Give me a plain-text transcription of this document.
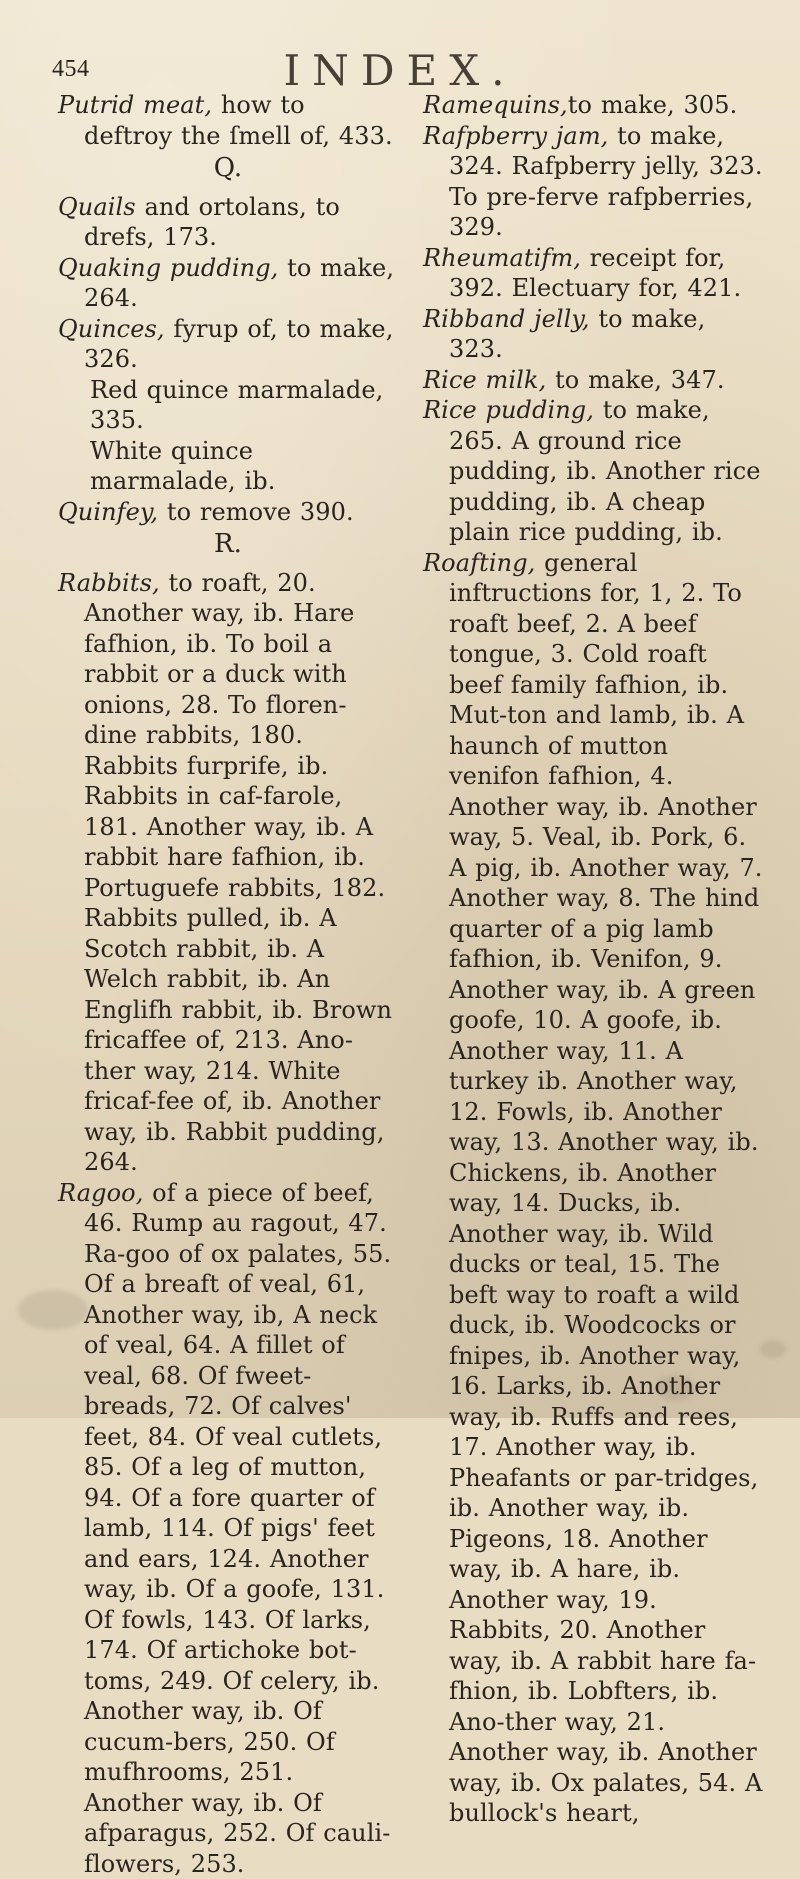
454	INDEX.

Putrid meat, how to deftroy the ſmell of, 433.

Q.

Quails and ortolans, to drefs, 173.

Quaking pudding, to make, 264.

Quinces, fyrup of, to make, 326.

Red quince marmalade, 335.

White quince marmalade, ib.

Quinfey, to remove 390.

R.

Rabbits, to roaft, 20. Another way, ib. Hare fafhion, ib. To boil a rabbit or a duck with onions, 28. To floren-dine rabbits, 180. Rabbits furprife, ib. Rabbits in caf-farole, 181. Another way, ib. A rabbit hare fafhion, ib. Portuguefe rabbits, 182. Rabbits pulled, ib. A Scotch rabbit, ib. A Welch rabbit, ib. An Englifh rabbit, ib. Brown fricaffee of, 213. Ano-ther way, 214. White fricaf-fee of, ib. Another way, ib. Rabbit pudding, 264.

Ragoo, of a piece of beef, 46. Rump au ragout, 47. Ra-goo of ox palates, 55. Of a breaft of veal, 61, Another way, ib, A neck of veal, 64. A fillet of veal, 68. Of fweet-breads, 72. Of calves' feet, 84. Of veal cutlets, 85. Of a leg of mutton, 94. Of a fore quarter of lamb, 114. Of pigs' feet and ears, 124. Another way, ib. Of a goofe, 131. Of fowls, 143. Of larks, 174. Of artichoke bot-toms, 249. Of celery, ib. Another way, ib. Of cucum-bers, 250. Of mufhrooms, 251. Another way, ib. Of afparagus, 252. Of cauli-flowers, 253.

Ramequins,to make, 305.

Rafpberry jam, to make, 324. Rafpberry jelly, 323. To pre-ferve rafpberries, 329.

Rheumatifm, receipt for, 392. Electuary for, 421.

Ribband jelly, to make, 323.

Rice milk, to make, 347.

Rice pudding, to make, 265. A ground rice pudding, ib. Another rice pudding, ib. A cheap plain rice pudding, ib.

Roafting, general inftructions for, 1, 2. To roaft beef, 2. A beef tongue, 3. Cold roaft beef family fafhion, ib. Mut-ton and lamb, ib. A haunch of mutton venifon fafhion, 4. Another way, ib. Another way, 5. Veal, ib. Pork, 6. A pig, ib. Another way, 7. Another way, 8. The hind quarter of a pig lamb fafhion, ib. Venifon, 9. Another way, ib. A green goofe, 10. A goofe, ib. Another way, 11. A turkey ib. Another way, 12. Fowls, ib. Another way, 13. Another way, ib. Chickens, ib. Another way, 14. Ducks, ib. Another way, ib. Wild ducks or teal, 15. The beft way to roaft a wild duck, ib. Woodcocks or fnipes, ib. Another way, 16. Larks, ib. Another way, ib. Ruffs and rees, 17. Another way, ib. Pheafants or par-tridges, ib. Another way, ib. Pigeons, 18. Another way, ib. A hare, ib. Another way, 19. Rabbits, 20. Another way, ib. A rabbit hare fa-fhion, ib. Lobfters, ib. Ano-ther way, 21. Another way, ib. Another way, ib. Ox palates, 54. A bullock's heart,
